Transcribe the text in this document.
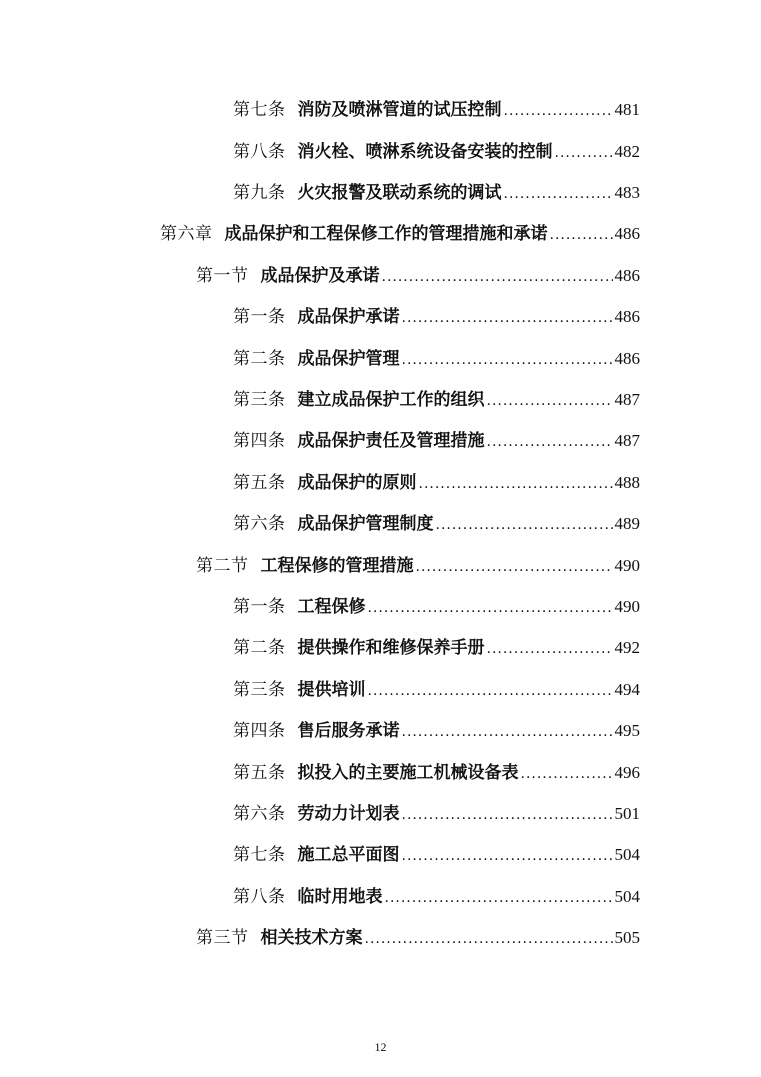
第七条 消防及喷淋管道的试压控制 .....	481
第八条 消火栓、喷淋系统设备安装的控制 .....	482
第九条 火灾报警及联动系统的调试 .....	483
第六章 成品保护和工程保修工作的管理措施和承诺 .....	486
第一节 成品保护及承诺 .....	486
第一条 成品保护承诺 .....	486
第二条 成品保护管理 .....	486
第三条 建立成品保护工作的组织 .....	487
第四条 成品保护责任及管理措施 .....	487
第五条 成品保护的原则 .....	488
第六条 成品保护管理制度 .....	489
第二节 工程保修的管理措施 .....	490
第一条 工程保修 .....	490
第二条 提供操作和维修保养手册 .....	492
第三条 提供培训 .....	494
第四条 售后服务承诺 .....	495
第五条 拟投入的主要施工机械设备表 .....	496
第六条 劳动力计划表 .....	501
第七条 施工总平面图 .....	504
第八条 临时用地表 .....	504
第三节 相关技术方案 .....	505
12
